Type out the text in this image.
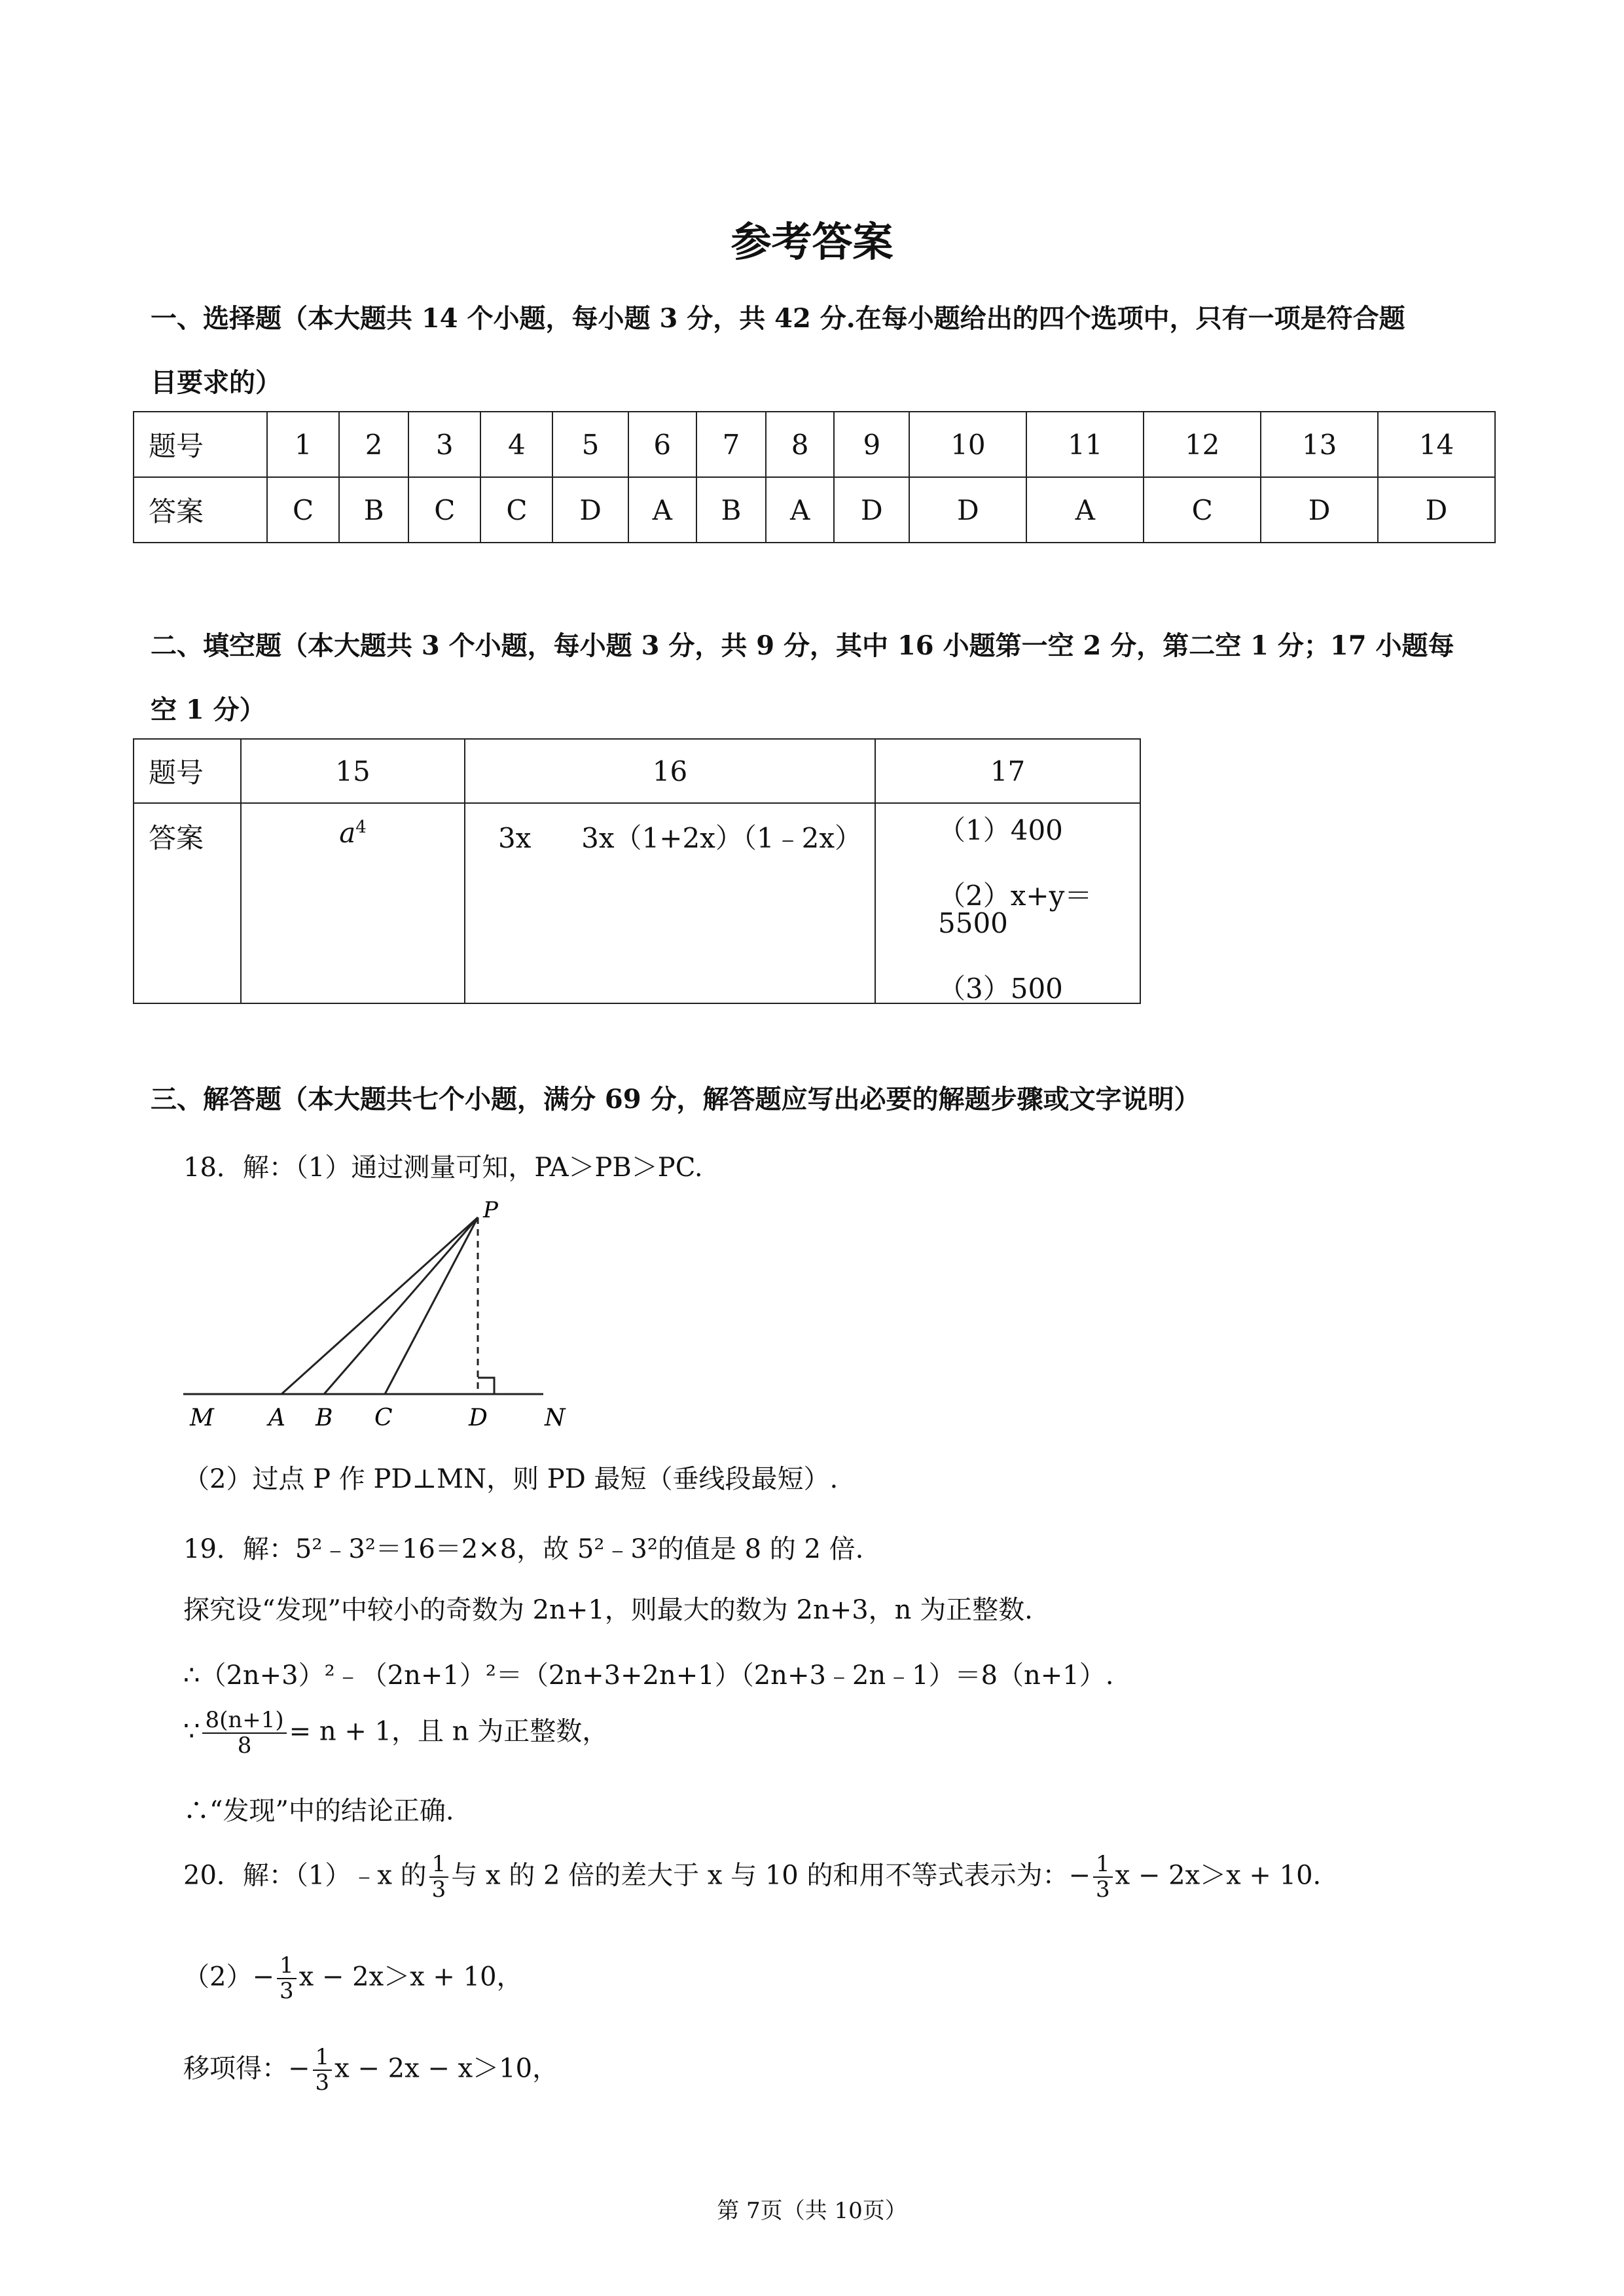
参考答案
一、选择题（本大题共 14 个小题，每小题 3 分，共 42 分.在每小题给出的四个选项中，只有一项是符合题
目要求的）
题号	1	2	3	4	5	6	7	8	9	10	11	12	13	14
答案	C	B	C	C	D	A	B	A	D	D	A	C	D	D
二、填空题（本大题共 3 个小题，每小题 3 分，共 9 分，其中 16 小题第一空 2 分，第二空 1 分；17 小题每
空 1 分）
题号	15	16	17
答案	$a^4$	3x 3x（1+2x）（1﹣2x）	（1）400
（2）x+y＝5500
（3）500
三、解答题（本大题共七个小题，满分 69 分，解答题应写出必要的解题步骤或文字说明）
18．解：（1）通过测量可知，PA＞PB＞PC.
P
M A B C	D N
（2）过点 P 作 PD⊥MN，则 PD 最短（垂线段最短）.
19．解：5²﹣3²＝16＝2×8，故 5²﹣3²的值是 8 的 2 倍.
探究设“发现”中较小的奇数为 2n+1，则最大的数为 2n+3，n 为正整数.
∴（2n+3）²﹣（2n+1）²＝（2n+3+2n+1）（2n+3﹣2n﹣1）＝8（n+1）.
∵ $\frac{8(n+1)}{8} = n + 1$，且 n 为正整数，
∴“发现”中的结论正确.
20．解：（1）﹣x 的 $\frac{1}{3}$ 与 x 的 2 倍的差大于 x 与 10 的和用不等式表示为：− $\frac{1}{3}$ x − 2x＞x + 10.
$(2)- \frac{1}{3}$ x − 2x＞x + 10，
移项得：− $\frac{1}{3}$ x − 2x − x＞10，
第 7页（共 10页）
